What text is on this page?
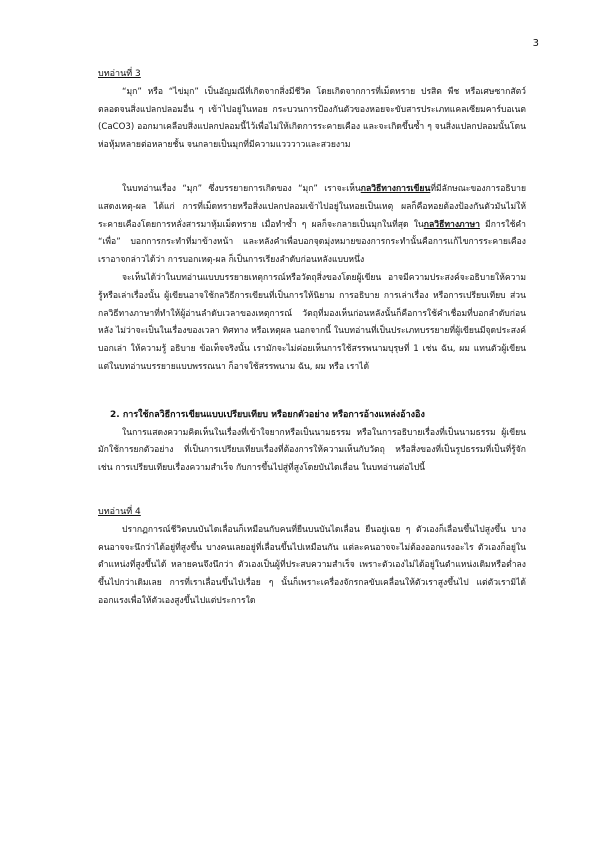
3

บทอ่านที่ 3

“มุก” หรือ “ไข่มุก” เป็นอัญมณีที่เกิดจากสิ่งมีชีวิต โดยเกิดจากการที่เม็ดทราย ปรสิต พืช หรือเศษซากสัตว์ ตลอดจนสิ่งแปลกปลอมอื่น ๆ เข้าไปอยู่ในหอย กระบวนการป้องกันตัวของหอยจะขับสารประเภทแคลเซียมคาร์บอเนต (CaCO3) ออกมาเคลือบสิ่งแปลกปลอมนี้ไว้เพื่อไม่ให้เกิดการระคายเคือง และจะเกิดขึ้นซ้ำ ๆ จนสิ่งแปลกปลอมนั้นโดนห่อหุ้มหลายต่อหลายชั้น จนกลายเป็นมุกที่มีความแวววาวและสวยงาม

ในบทอ่านเรื่อง “มุก” ซึ่งบรรยายการเกิดของ “มุก” เราจะเห็นกลวิธีทางการเขียนที่มีลักษณะของการอธิบายแสดงเหตุ-ผล ได้แก่ การที่เม็ดทรายหรือสิ่งแปลกปลอมเข้าไปอยู่ในหอยเป็นเหตุ ผลก็คือหอยต้องป้องกันตัวมันไม่ให้ระคายเคืองโดยการหลั่งสารมาหุ้มเม็ดทราย เมื่อทำซ้ำ ๆ ผลก็จะกลายเป็นมุกในที่สุด ในกลวิธีทางภาษา มีการใช้คำ “เพื่อ” บอกการกระทำที่มาข้างหน้า และหลังคำเพื่อบอกจุดมุ่งหมายของการกระทำนั้นคือการแก้ไขการระคายเคือง เราอาจกล่าวได้ว่า การบอกเหตุ-ผล ก็เป็นการเรียงลำดับก่อนหลังแบบหนึ่ง

จะเห็นได้ว่าในบทอ่านแบบบรรยายเหตุการณ์หรือวัตถุสิ่งของโดยผู้เขียน อาจมีความประสงค์จะอธิบายให้ความรู้หรือเล่าเรื่องนั้น ผู้เขียนอาจใช้กลวิธีการเขียนที่เป็นการให้นิยาม การอธิบาย การเล่าเรื่อง หรือการเปรียบเทียบ ส่วนกลวิธีทางภาษาที่ทำให้ผู้อ่านลำดับเวลาของเหตุการณ์ วัตถุที่มองเห็นก่อนหลังนั้นก็คือการใช้คำเชื่อมที่บอกลำดับก่อนหลัง ไม่ว่าจะเป็นในเรื่องของเวลา ทิศทาง หรือเหตุผล นอกจากนี้ ในบทอ่านที่เป็นประเภทบรรยายที่ผู้เขียนมีจุดประสงค์บอกเล่า ให้ความรู้ อธิบาย ข้อเท็จจริงนั้น เรามักจะไม่ค่อยเห็นการใช้สรรพนามบุรุษที่ 1 เช่น ฉัน, ผม แทนตัวผู้เขียน แต่ในบทอ่านบรรยายแบบพรรณนา ก็อาจใช้สรรพนาม ฉัน, ผม หรือ เราได้

2. การใช้กลวิธีการเขียนแบบเปรียบเทียบ หรือยกตัวอย่าง หรือการอ้างแหล่งอ้างอิง

ในการแสดงความคิดเห็นในเรื่องที่เข้าใจยากหรือเป็นนามธรรม หรือในการอธิบายเรื่องที่เป็นนามธรรม ผู้เขียนมักใช้การยกตัวอย่าง ที่เป็นการเปรียบเทียบเรื่องที่ต้องการให้ความเห็นกับวัตถุ หรือสิ่งของที่เป็นรูปธรรมที่เป็นที่รู้จัก เช่น การเปรียบเทียบเรื่องความสำเร็จ กับการขึ้นไปสู่ที่สูงโดยบันไดเลื่อน ในบทอ่านต่อไปนี้

บทอ่านที่ 4

ปรากฏการณ์ชีวิตบนบันไดเลื่อนก็เหมือนกับคนที่ยืนบนบันไดเลื่อน ยืนอยู่เฉย ๆ ตัวเองก็เลื่อนขึ้นไปสูงขึ้น บางคนอาจจะนึกว่าได้อยู่ที่สูงขึ้น บางคนเลยอยู่ที่เลื่อนขึ้นไปเหมือนกัน แต่ละคนอาจจะไม่ต้องออกแรงอะไร ตัวเองก็อยู่ในตำแหน่งที่สูงขึ้นได้ หลายคนจึงนึกว่า ตัวเองเป็นผู้ที่ประสบความสำเร็จ เพราะตัวเองไม่ได้อยู่ในตำแหน่งเดิมหรือต่ำลงขึ้นไปกว่าเดิมเลย การที่เราเลื่อนขึ้นไปเรื่อย ๆ นั้นก็เพราะเครื่องจักรกลขับเคลื่อนให้ตัวเราสูงขึ้นไป แต่ตัวเรามิได้ออกแรงเพื่อให้ตัวเองสูงขึ้นไปแต่ประการใด
